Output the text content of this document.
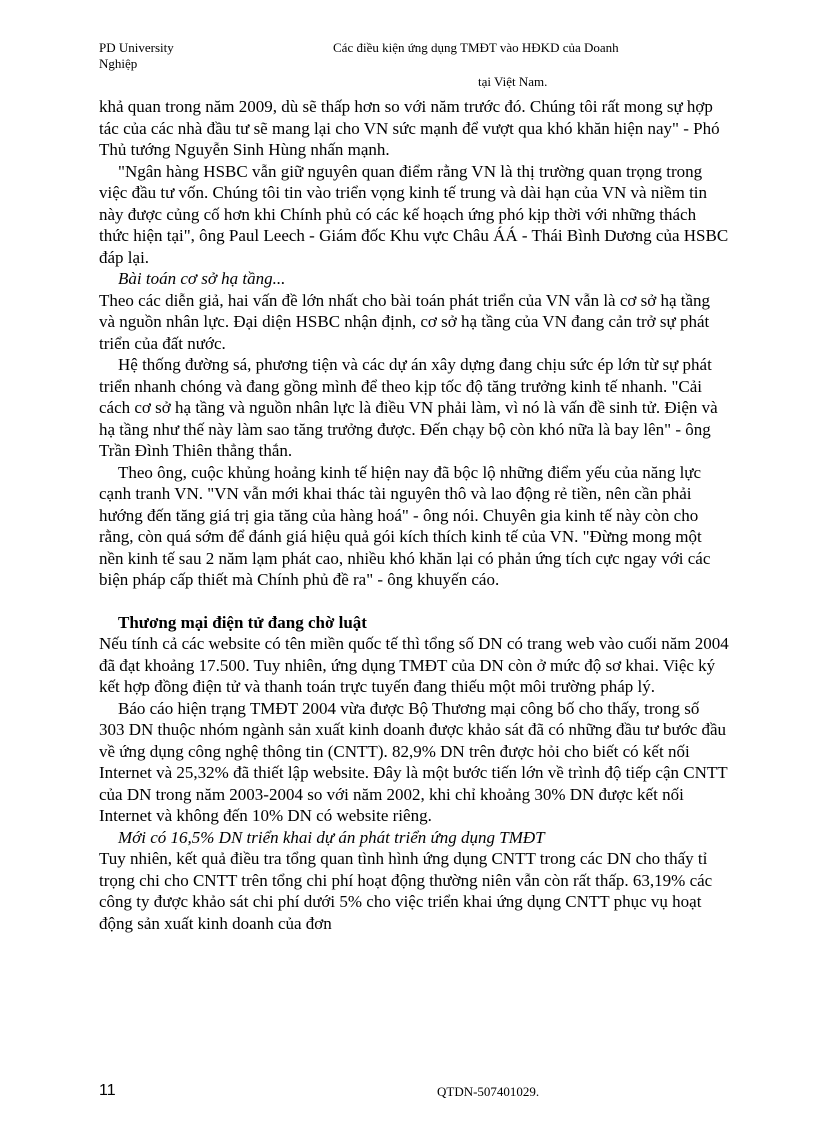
PD University
Nghiệp
Các điều kiện ứng dụng TMĐT vào HĐKD của Doanh
tại Việt Nam.

khả quan trong năm 2009, dù sẽ thấp hơn so với năm trước đó. Chúng tôi rất mong sự hợp tác của các nhà đầu tư sẽ mang lại cho VN sức mạnh để vượt qua khó khăn hiện nay" - Phó Thủ tướng Nguyễn Sinh Hùng nhấn mạnh.

"Ngân hàng HSBC vẫn giữ nguyên quan điểm rằng VN là thị trường quan trọng trong việc đầu tư vốn. Chúng tôi tin vào triển vọng kinh tế trung và dài hạn của VN và niềm tin này được củng cố hơn khi Chính phủ có các kế hoạch ứng phó kịp thời với những thách thức hiện tại", ông Paul Leech - Giám đốc Khu vực Châu ÁÁ - Thái Bình Dương của HSBC đáp lại.

Bài toán cơ sở hạ tầng...

Theo các diễn giả, hai vấn đề lớn nhất cho bài toán phát triển của VN vẫn là cơ sở hạ tầng và nguồn nhân lực. Đại diện HSBC nhận định, cơ sở hạ tầng của VN đang cản trở sự phát triển của đất nước.

Hệ thống đường sá, phương tiện và các dự án xây dựng đang chịu sức ép lớn từ sự phát triển nhanh chóng và đang gồng mình để theo kịp tốc độ tăng trưởng kinh tế nhanh. "Cải cách cơ sở hạ tầng và nguồn nhân lực là điều VN phải làm, vì nó là vấn đề sinh tử. Điện và hạ tầng như thế này làm sao tăng trưởng được. Đến chạy bộ còn khó nữa là bay lên" - ông Trần Đình Thiên thẳng thắn.

Theo ông, cuộc khủng hoảng kinh tế hiện nay đã bộc lộ những điểm yếu của năng lực cạnh tranh VN. "VN vẫn mới khai thác tài nguyên thô và lao động rẻ tiền, nên cần phải hướng đến tăng giá trị gia tăng của hàng hoá" - ông nói. Chuyên gia kinh tế này còn cho rằng, còn quá sớm để đánh giá hiệu quả gói kích thích kinh tế của VN. "Đừng mong một nền kinh tế sau 2 năm lạm phát cao, nhiều khó khăn lại có phản ứng tích cực ngay với các biện pháp cấp thiết mà Chính phủ đề ra" - ông khuyến cáo.

Thương mại điện tử đang chờ luật

Nếu tính cả các website có tên miền quốc tế thì tổng số DN có trang web vào cuối năm 2004 đã đạt khoảng 17.500. Tuy nhiên, ứng dụng TMĐT của DN còn ở mức độ sơ khai. Việc ký kết hợp đồng điện tử và thanh toán trực tuyến đang thiếu một môi trường pháp lý.

Báo cáo hiện trạng TMĐT 2004 vừa được Bộ Thương mại công bố cho thấy, trong số 303 DN thuộc nhóm ngành sản xuất kinh doanh được khảo sát đã có những đầu tư bước đầu về ứng dụng công nghệ thông tin (CNTT). 82,9% DN trên được hỏi cho biết có kết nối Internet và 25,32% đã thiết lập website. Đây là một bước tiến lớn về trình độ tiếp cận CNTT của DN trong năm 2003-2004 so với năm 2002, khi chỉ khoảng 30% DN được kết nối Internet và không đến 10% DN có website riêng.

Mới có 16,5% DN triển khai dự án phát triển ứng dụng TMĐT

Tuy nhiên, kết quả điều tra tổng quan tình hình ứng dụng CNTT trong các DN cho thấy tỉ trọng chi cho CNTT trên tổng chi phí hoạt động thường niên vẫn còn rất thấp. 63,19% các công ty được khảo sát chi phí dưới 5% cho việc triển khai ứng dụng CNTT phục vụ hoạt động sản xuất kinh doanh của đơn

11	QTDN-507401029.
